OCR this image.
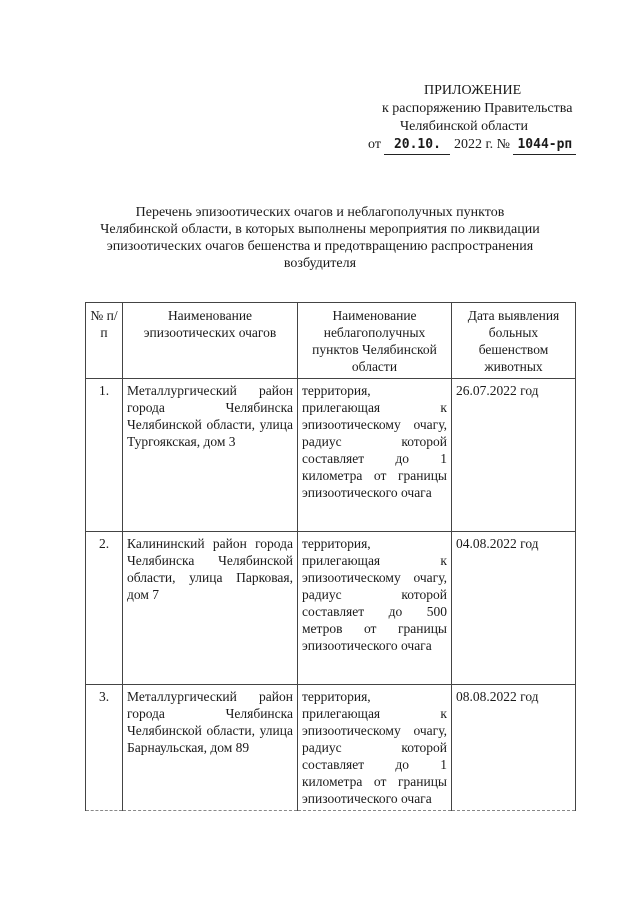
ПРИЛОЖЕНИЕ
к распоряжению Правительства
Челябинской области
от 20.10. 2022 г. № 1044-рп
Перечень эпизоотических очагов и неблагополучных пунктов Челябинской области, в которых выполнены мероприятия по ликвидации эпизоотических очагов бешенства и предотвращению распространения возбудителя
№ п/п	Наименование эпизоотических очагов	Наименование неблагополучных пунктов Челябинской области	Дата выявления больных бешенством животных
1.	Металлургический район города Челябинска Челябинской области, улица Тургоякская, дом 3	территория, прилегающая к эпизоотическому очагу, радиус которой составляет до 1 километра от границы эпизоотического очага	26.07.2022 год
2.	Калининский район города Челябинска Челябинской области, улица Парковая, дом 7	территория, прилегающая к эпизоотическому очагу, радиус которой составляет до 500 метров от границы эпизоотического очага	04.08.2022 год
3.	Металлургический район города Челябинска Челябинской области, улица Барнаульская, дом 89	территория, прилегающая к эпизоотическому очагу, радиус которой составляет до 1 километра от границы эпизоотического очага	08.08.2022 год
